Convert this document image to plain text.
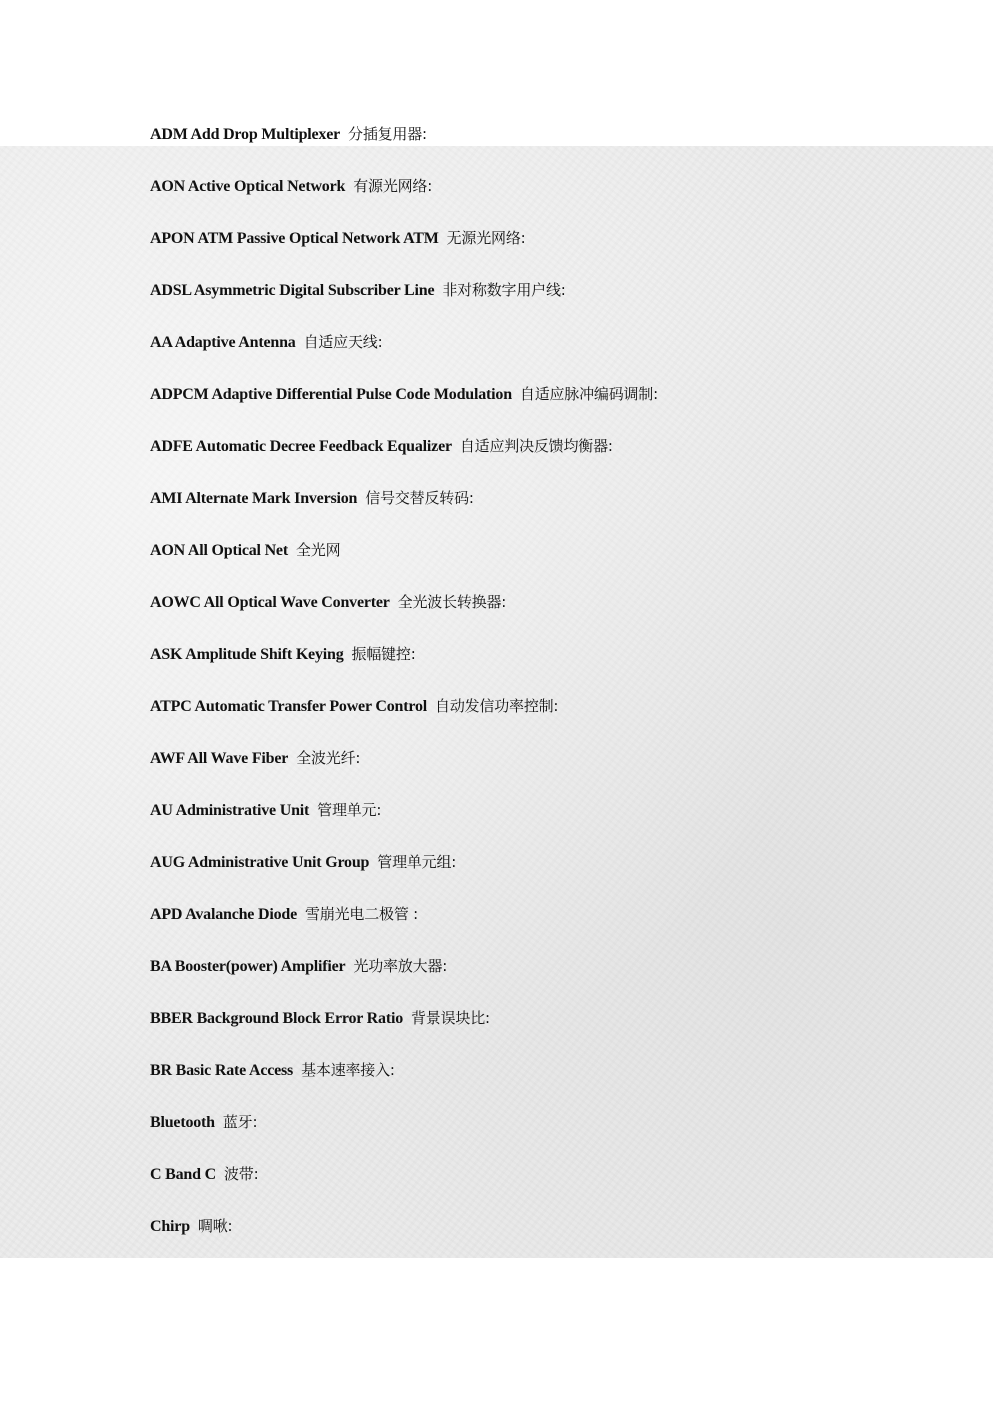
ADM Add Drop Multiplexer 分插复用器:
AON Active Optical Network 有源光网络:
APON ATM Passive Optical Network ATM 无源光网络:
ADSL Asymmetric Digital Subscriber Line 非对称数字用户线:
AA Adaptive Antenna 自适应天线:
ADPCM Adaptive Differential Pulse Code Modulation 自适应脉冲编码调制:
ADFE Automatic Decree Feedback Equalizer 自适应判决反馈均衡器:
AMI Alternate Mark Inversion 信号交替反转码:
AON All Optical Net 全光网
AOWC All Optical Wave Converter 全光波长转换器:
ASK Amplitude Shift Keying 振幅键控:
ATPC Automatic Transfer Power Control 自动发信功率控制:
AWF All Wave Fiber 全波光纤:
AU Administrative Unit 管理单元:
AUG Administrative Unit Group 管理单元组:
APD Avalanche Diode 雪崩光电二极管 :
BA Booster(power) Amplifier 光功率放大器:
BBER Background Block Error Ratio 背景误块比:
BR Basic Rate Access 基本速率接入:
Bluetooth 蓝牙:
C Band C 波带:
Chirp 啁啾:
